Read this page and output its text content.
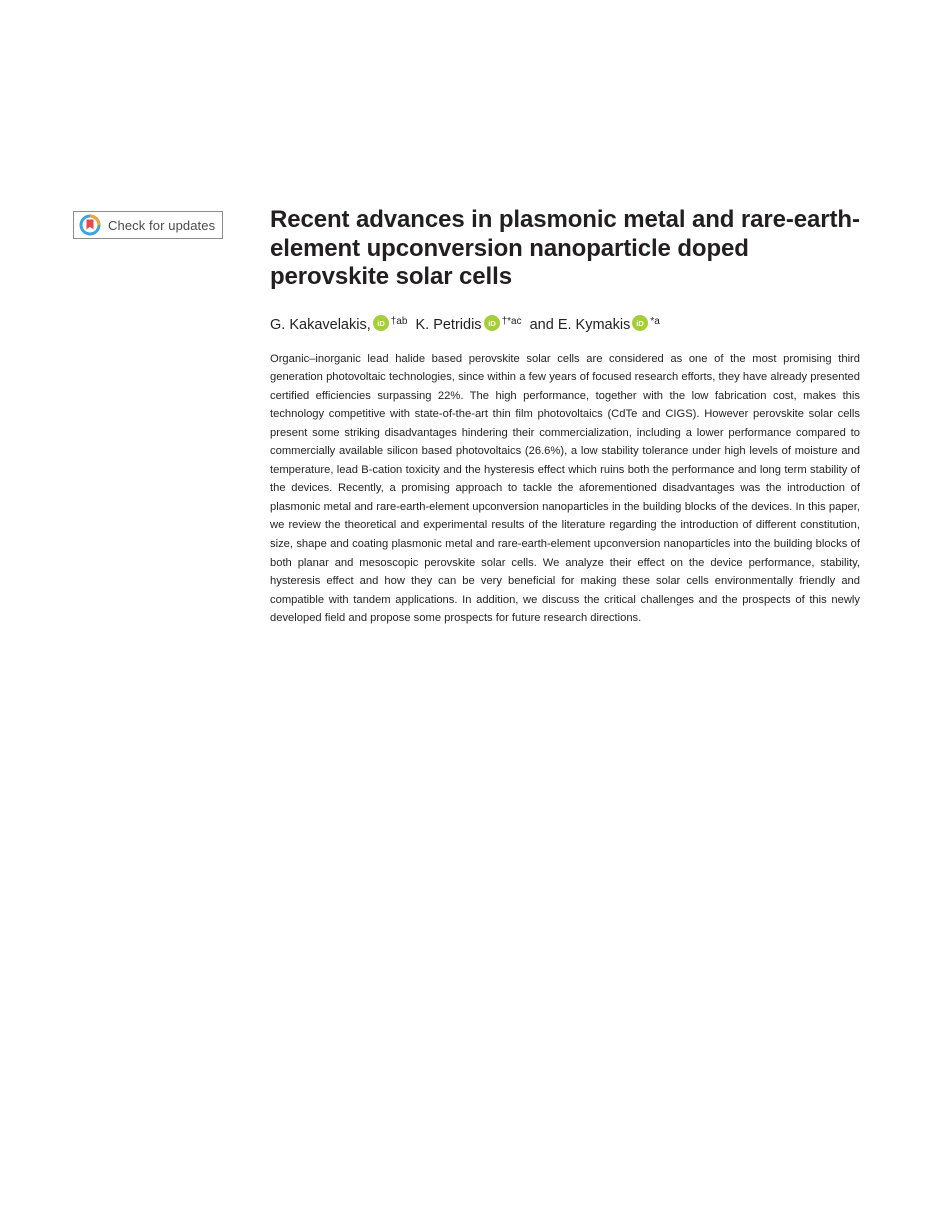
Check for updates Recent advances in plasmonic metal and rare-earth-element upconversion nanoparticle doped perovskite solar cells
G. Kakavelakis, iD $^{\dagger ab}$ K. Petridis iD $^{\dagger*ac}$ and E. Kymakis iD $^{*a}$

Organic–inorganic lead halide based perovskite solar cells are considered as one of the most promising third generation photovoltaic technologies, since within a few years of focused research efforts, they have already presented certified efficiencies surpassing 22%. The high performance, together with the low fabrication cost, makes this technology competitive with state-of-the-art thin film photovoltaics (CdTe and CIGS). However perovskite solar cells present some striking disadvantages hindering their commercialization, including a lower performance compared to commercially available silicon based photovoltaics (26.6%), a low stability tolerance under high levels of moisture and temperature, lead B-cation toxicity and the hysteresis effect which ruins both the performance and long term stability of the devices. Recently, a promising approach to tackle the aforementioned disadvantages was the introduction of plasmonic metal and rare-earth-element upconversion nanoparticles in the building blocks of the devices. In this paper, we review the theoretical and experimental results of the literature regarding the introduction of different constitution, size, shape and coating plasmonic metal and rare-earth-element upconversion nanoparticles into the building blocks of both planar and mesoscopic perovskite solar cells. We analyze their effect on the device performance, stability, hysteresis effect and how they can be very beneficial for making these solar cells environmentally friendly and compatible with tandem applications. In addition, we discuss the critical challenges and the prospects of this newly developed field and propose some prospects for future research directions.
